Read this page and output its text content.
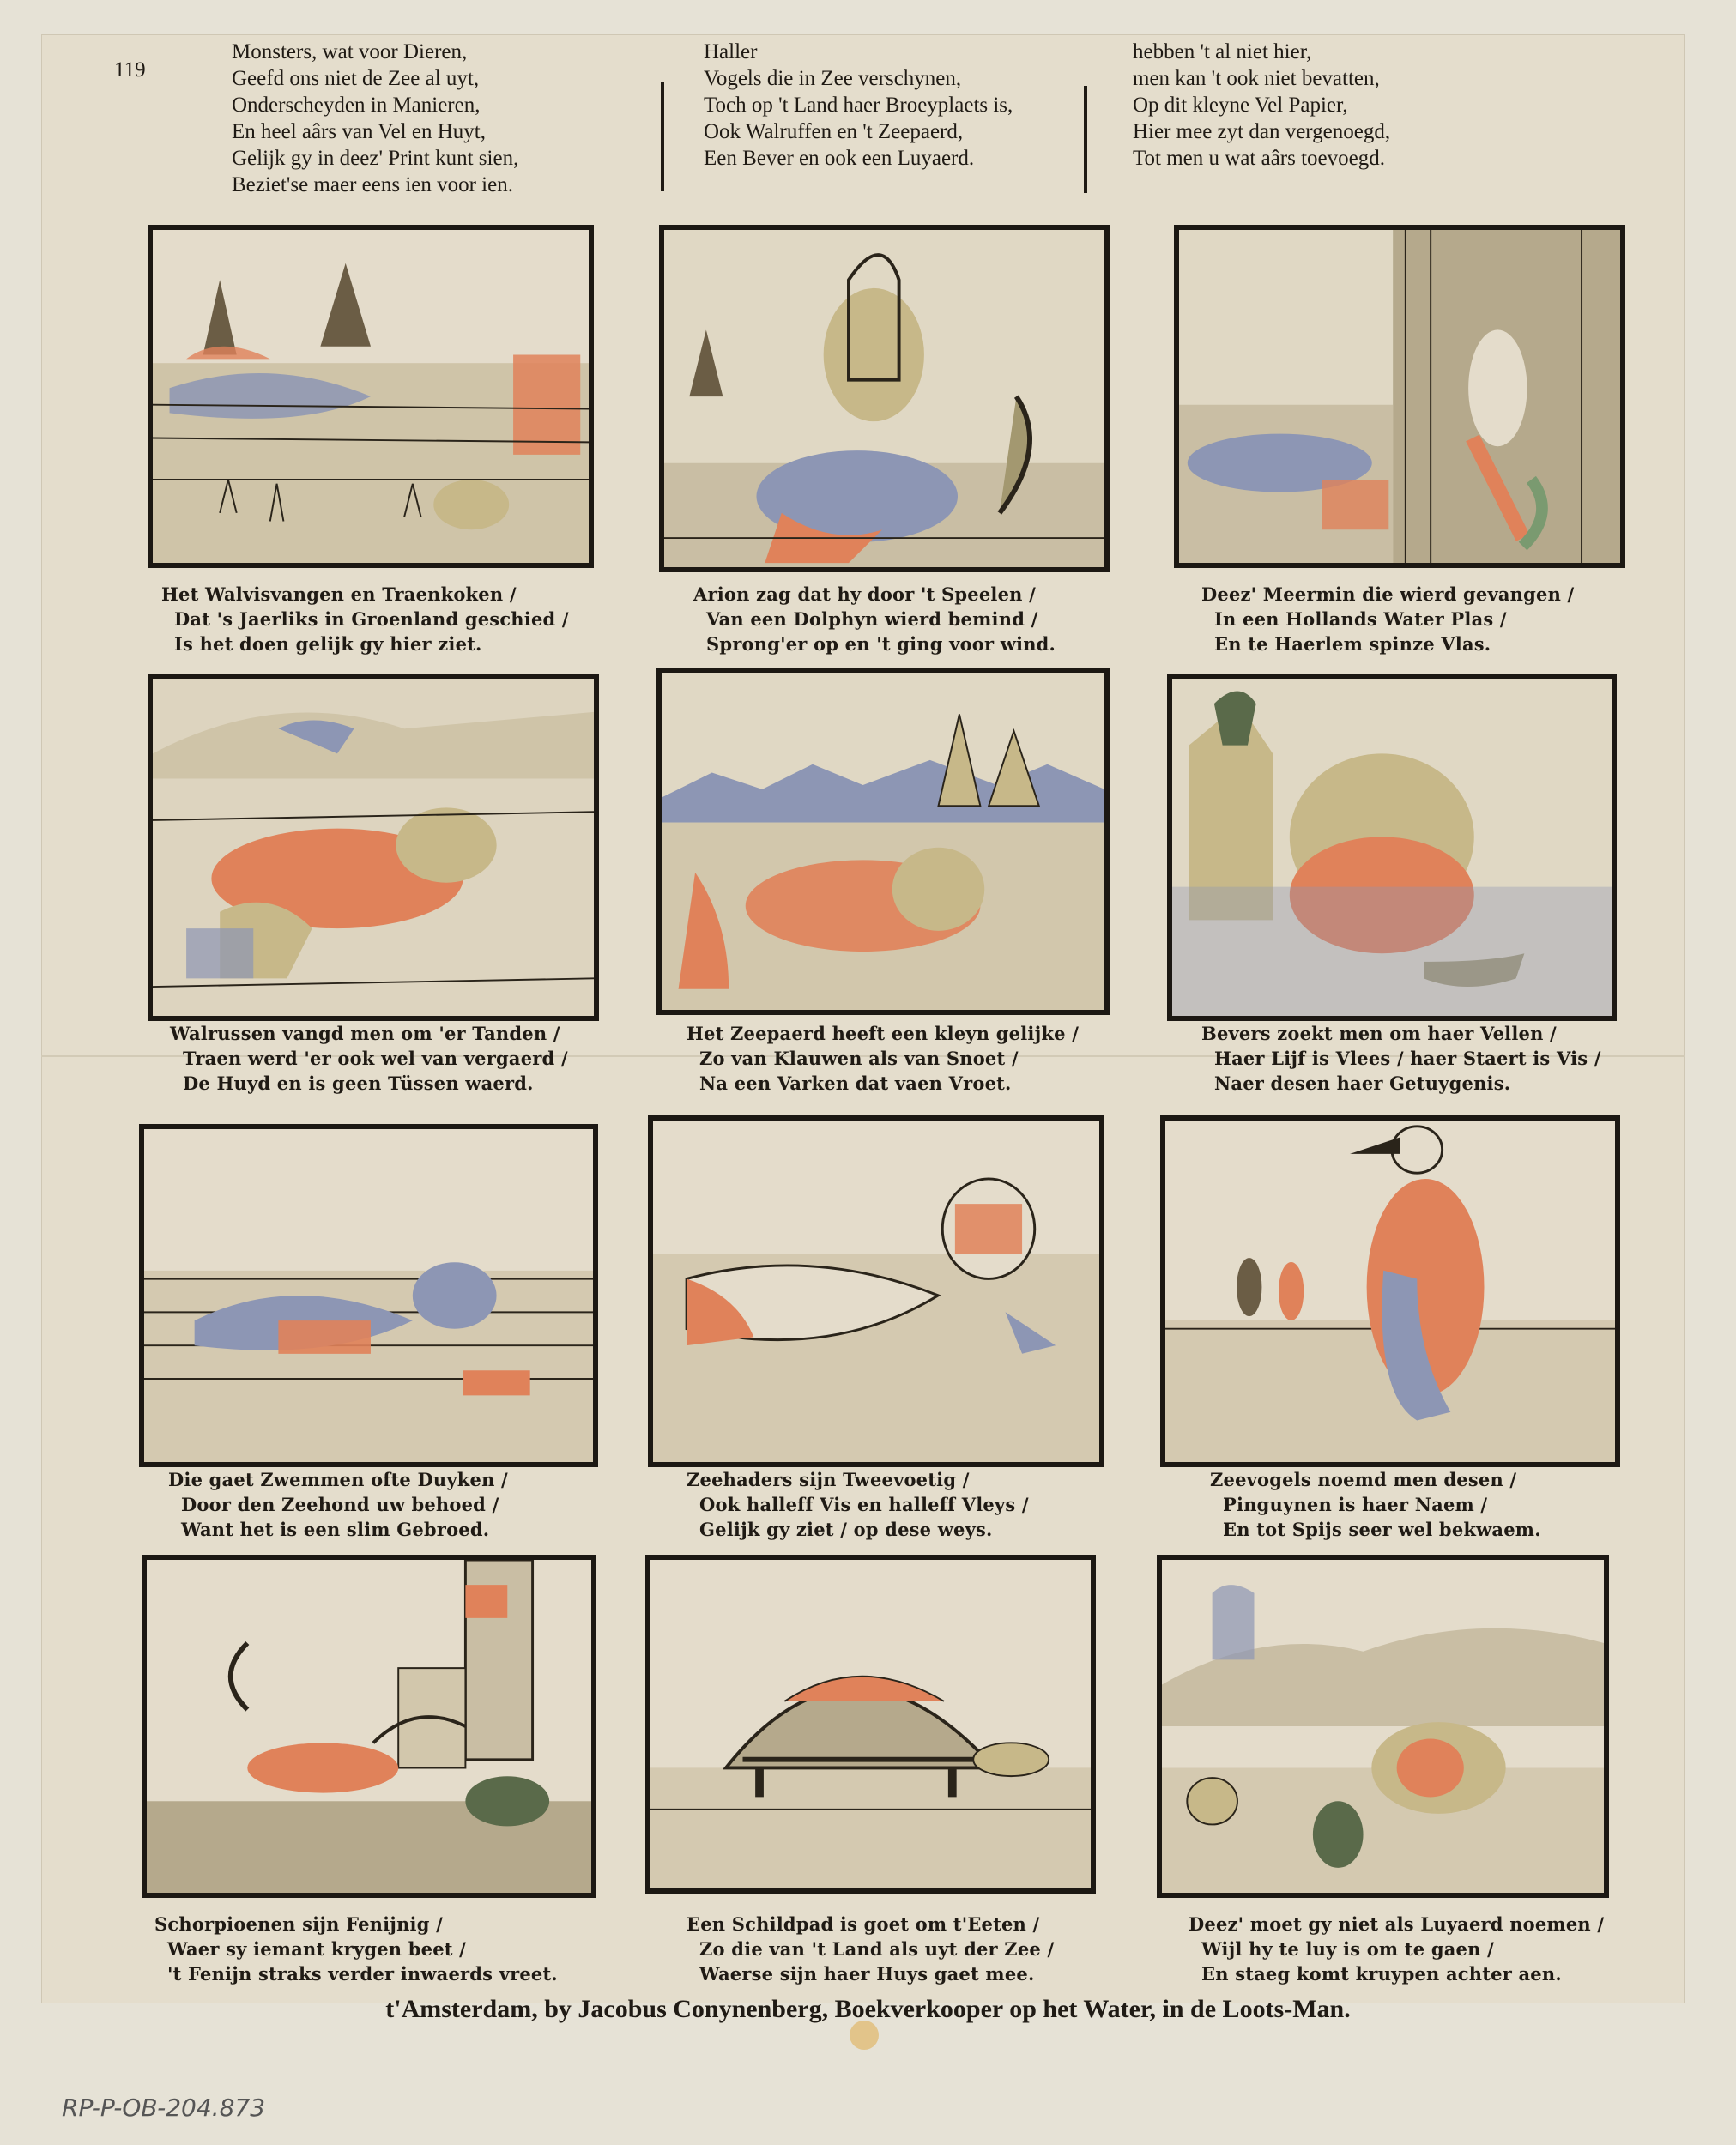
119
Monsters, wat voor Dieren,
Geefd ons niet de Zee al uyt,
Onderscheyden in Manieren,
En heel aârs van Vel en Huyt,
Gelijk gy in deez' Print kunt sien,
Beziet'se maer eens ien voor ien.
Haller
Vogels die in Zee verschynen,
Toch op 't Land haer Broeyplaets is,
Ook Walruffen en 't Zeepaerd,
Een Bever en ook een Luyaerd.
hebben 't al niet hier,
men kan 't ook niet bevatten,
Op dit kleyne Vel Papier,
Hier mee zyt dan vergenoegd,
Tot men u wat aârs toevoegd.
Het Walvisvangen en Traenkoken /
Dat 's Jaerliks in Groenland geschied /
Is het doen gelijk gy hier ziet.
Arion zag dat hy door 't Speelen /
Van een Dolphyn wierd bemind /
Sprong'er op en 't ging voor wind.
Deez' Meermin die wierd gevangen /
In een Hollands Water Plas /
En te Haerlem spinze Vlas.
Walrussen vangd men om 'er Tanden /
Traen werd 'er ook wel van vergaerd /
De Huyd en is geen Tüssen waerd.
Het Zeepaerd heeft een kleyn gelijke /
Zo van Klauwen als van Snoet /
Na een Varken dat vaen Vroet.
Bevers zoekt men om haer Vellen /
Haer Lijf is Vlees / haer Staert is Vis /
Naer desen haer Getuygenis.
Die gaet Zwemmen ofte Duyken /
Door den Zeehond uw behoed /
Want het is een slim Gebroed.
Zeehaders sijn Tweevoetig /
Ook halleff Vis en halleff Vleys /
Gelijk gy ziet / op dese weys.
Zeevogels noemd men desen /
Pinguynen is haer Naem /
En tot Spijs seer wel bekwaem.
Schorpioenen sijn Fenijnig /
Waer sy iemant krygen beet /
't Fenijn straks verder inwaerds vreet.
Een Schildpad is goet om t'Eeten /
Zo die van 't Land als uyt der Zee /
Waerse sijn haer Huys gaet mee.
Deez' moet gy niet als Luyaerd noemen /
Wijl hy te luy is om te gaen /
En staeg komt kruypen achter aen.
t'Amsterdam, by Jacobus Conynenberg, Boekverkooper op het Water, in de Loots-Man.
RP-P-OB-204.873
